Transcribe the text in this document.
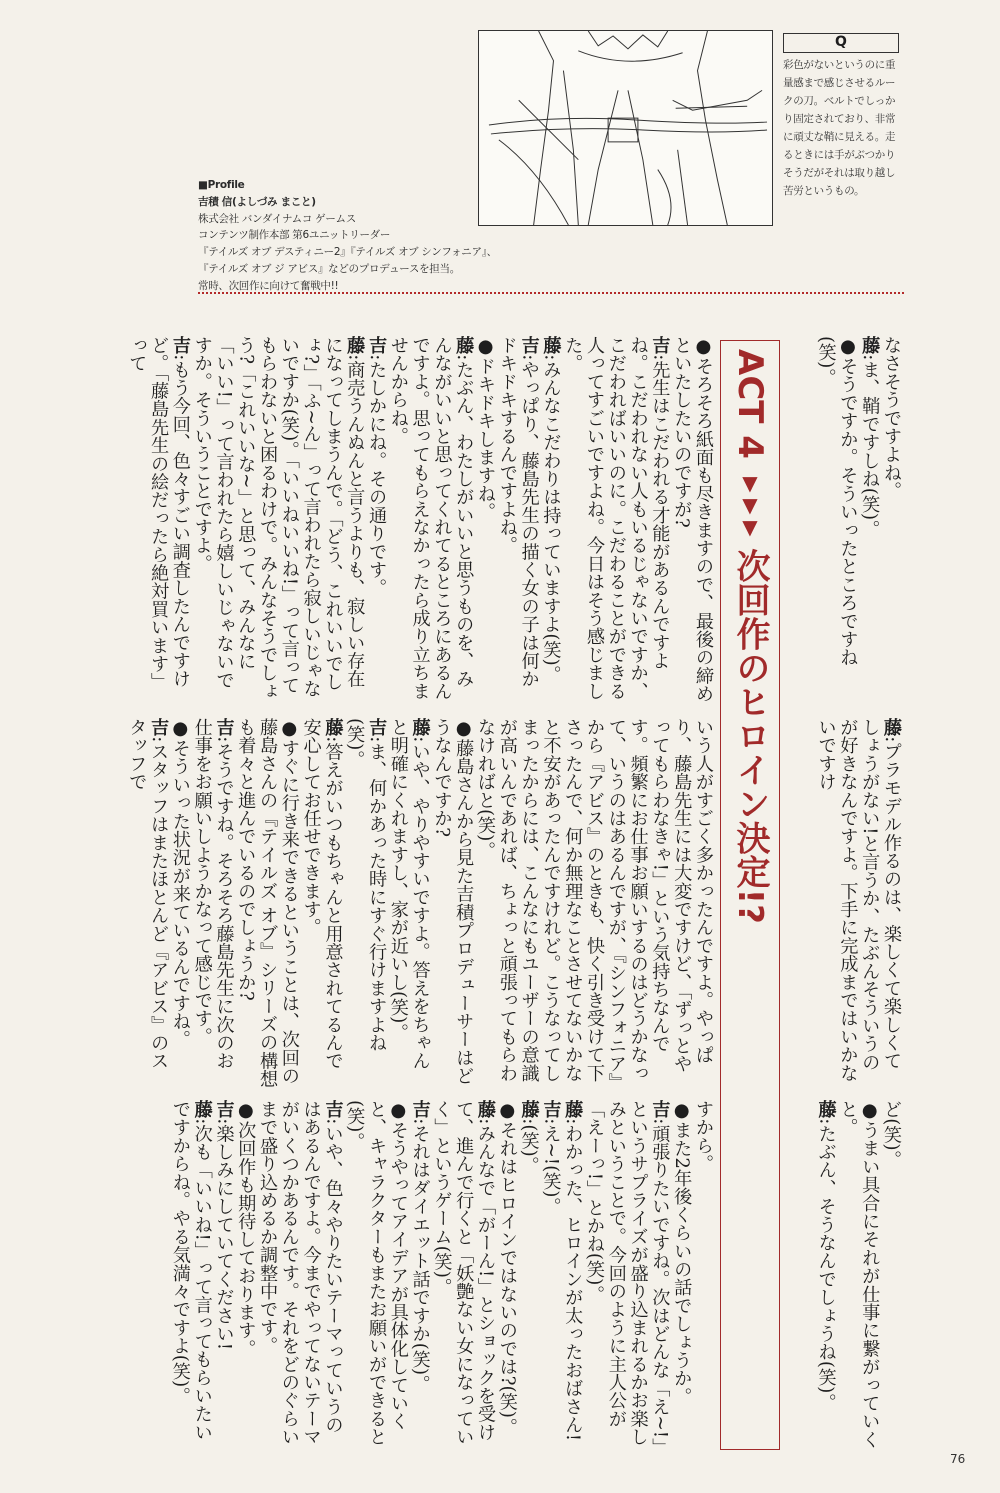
Q
彩色がないというのに重
量感まで感じさせるルー
クの刀。ベルトでしっか
り固定されており、非常
に頑丈な鞘に見える。走
るときには手がぶつかり
そうだがそれは取り越し
苦労というもの。
■Profile
吉積 信(よしづみ まこと)
株式会社 バンダイナムコ ゲームス
コンテンツ制作本部 第6ユニットリーダー
『テイルズ オブ デスティニー2』『テイルズ オブ シンフォニア』、
『テイルズ オブ ジ アビス』などのプロデュースを担当。
常時、次回作に向けて奮戦中!!

なさそうですよね。

藤:ま、鞘ですしね(笑)。

●そうですか。そういったところですね(笑)。

藤:プラモデル作るのは、楽しくて楽しくてしょうがない!と言うか、たぶんそういうのが好きなんですよ。下手に完成まではいかないですけ

ど(笑)。

●うまい具合にそれが仕事に繋がっていくと。

藤:たぶん、そうなんでしょうね(笑)。

ACT 4 ▼▼▼ 次回作のヒロイン決定!?

●そろそろ紙面も尽きますので、最後の締めといたしたいのですが?

吉:先生はこだわれる才能があるんですよね。こだわれない人もいるじゃないですか、こだわればいいのに。こだわることができる人ってすごいですよね。今日はそう感じました。

藤:みんなこだわりは持っていますよ(笑)。

吉:やっぱり、藤島先生の描く女の子は何かドキドキするんですよね。

●ドキドキしますね。

藤:たぶん、わたしがいいと思うものを、みんながいいと思ってくれてるところにあるんですよ。思ってもらえなかったら成り立ちませんからね。

吉:たしかにね。その通りです。

藤:商売うんぬんと言うよりも、寂しい存在になってしまうんで。「どう、これいいでしょ?」「ふ~ん」って言われたら寂しいじゃないですか(笑)。「いいねいいね!」って言ってもらわないと困るわけで。みんなそうでしょう?「これいいな~」と思って、みんなに「いい!」って言われたら嬉しいじゃないですか。そういうことですよ。

吉:もう今回、色々すごい調査したんですけど。「藤島先生の絵だったら絶対買います」って

いう人がすごく多かったんですよ。やっぱり、藤島先生には大変ですけど、「ずっとやってもらわなきゃ!」という気持ちなんです。頻繁にお仕事お願いするのはどうかなって、いうのはあるんですが、『シンフォニア』から『アビス』のときも、快く引き受けて下さったんで、何か無理なことさせてないかなと不安があったんですけれど。こうなってしまったからには、こんなにもユーザーの意識が高いんであれば、ちょっと頑張ってもらわなければと(笑)。

●藤島さんから見た吉積プロデューサーはどうなんですか?

藤:いや、やりやすいですよ。答えをちゃんと明確にくれますし、家が近いし(笑)。

吉:ま、何かあった時にすぐ行けますよね(笑)。

藤:答えがいつもちゃんと用意されてるんで安心してお任せできます。

●すぐに行き来できるということは、次回の藤島さんの『テイルズ オブ』シリーズの構想も着々と進んでいるのでしょうか?

吉:そうですね。そろそろ藤島先生に次のお仕事をお願いしようかなって感じです。

●そういった状況が来ているんですね。

吉:スタッフはまたほとんど『アビス』のスタッフで

すから。

●また2年後くらいの話でしょうか。

吉:頑張りたいですね。次はどんな「え~!」というサプライズが盛り込まれるかお楽しみということで。今回のように主人公が「えーっ!」とかね(笑)。

藤:わかった、ヒロインが太ったおばさん!

吉:え~!(笑)。

藤:(笑)。

●それはヒロインではないのでは?(笑)。

藤:みんなで「がーん!」とショックを受けて、進んで行くと「妖艶ない女になっていく」というゲーム(笑)。

吉:それはダイエット話ですか(笑)。

●そうやってアイデアが具体化していくと、キャラクターもまたお願いができると(笑)。

吉:いや、色々やりたいテーマっていうのはあるんですよ。今までやってないテーマがいくつかあるんです。それをどのぐらいまで盛り込めるか調整中です。

●次回作も期待しております。

吉:楽しみにしていてください!

藤:次も「いいね!」って言ってもらいたいですからね。やる気満々ですよ(笑)。

76
